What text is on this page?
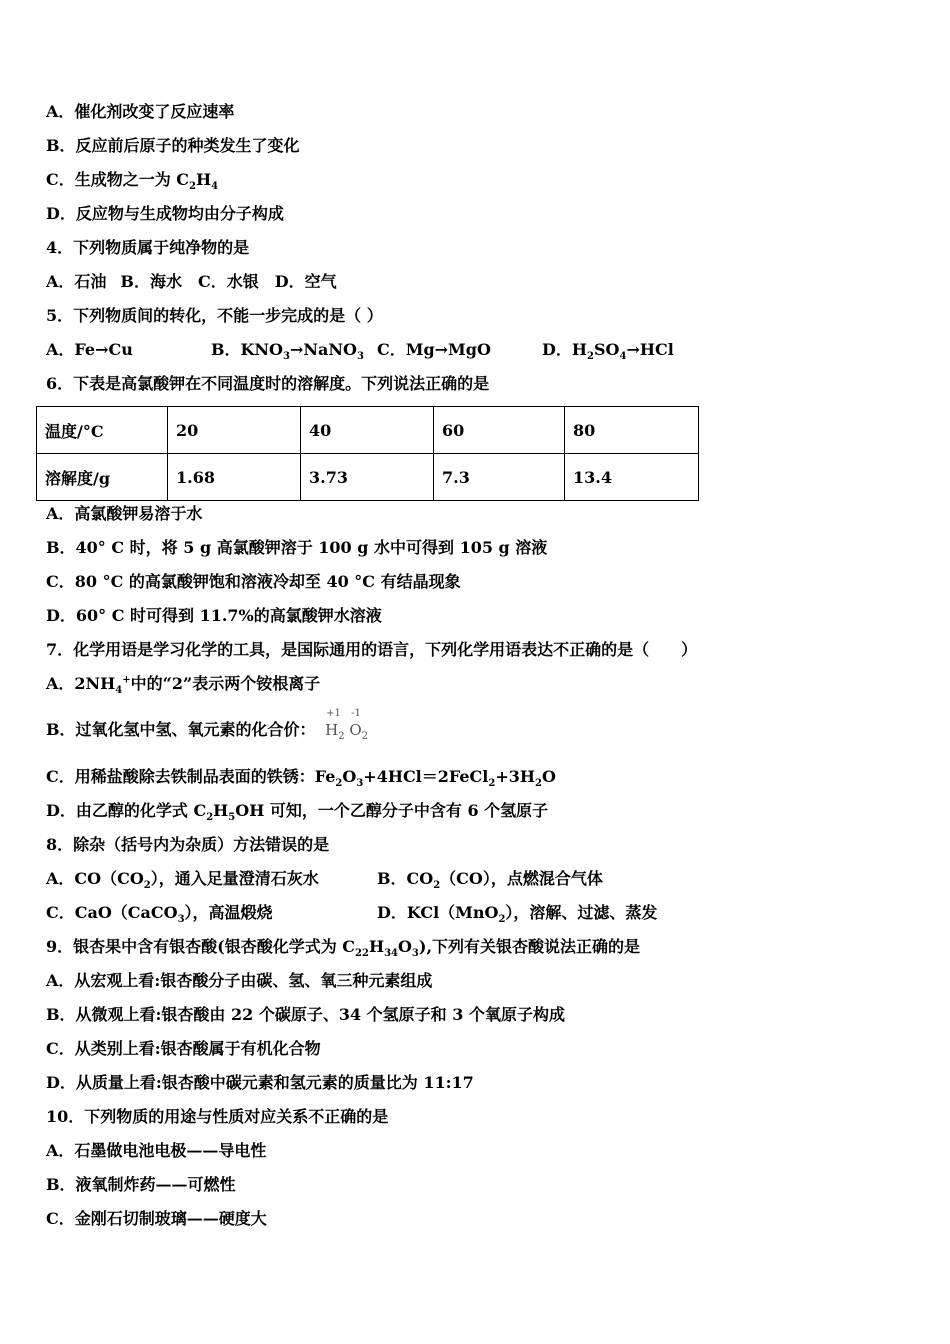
A．催化剂改变了反应速率
B．反应前后原子的种类发生了变化
C．生成物之一为 $C_2H_4$
D．反应物与生成物均由分子构成
4．下列物质属于纯净物的是
A．石油 B．海水 C．水银 D．空气
5．下列物质间的转化，不能一步完成的是（ ）
A．Fe→Cu	B．$KNO_3\to NaNO_3$ C．Mg→MgO	D．$H_2SO_4\to HCl$
6．下表是高氯酸钾在不同温度时的溶解度。下列说法正确的是
温度/°C	20	40	60	80
溶解度/g	1.68	3.73	7.3	13.4
A．高氯酸钾易溶于水
B．40° C 时，将 5 g 高氯酸钾溶于 100 g 水中可得到 105 g 溶液
C．80 °C 的高氯酸钾饱和溶液冷却至 40 °C 有结晶现象
D．60° C 时可得到 11.7%的高氯酸钾水溶液
7．化学用语是学习化学的工具，是国际通用的语言，下列化学用语表达不正确的是（　　）
A．$2NH_4^+$中的“2”表示两个铵根离子
B．过氧化氢中氢、氧元素的化合价：
+1
$H_2$
-1
$O_2$
C．用稀盐酸除去铁制品表面的铁锈：$Fe_2O_3+4HCl=2FeCl_2+3H_2O$
D．由乙醇的化学式 $C_2H_5OH$ 可知，一个乙醇分子中含有 6 个氢原子
8．除杂（括号内为杂质）方法错误的是
A．$CO(CO_2)$，通入足量澄清石灰水	B．$CO_2(CO)$，点燃混合气体
C．CaO（CaCO$_3$），高温煅烧	D．KCl（MnO$_2$），溶解、过滤、蒸发
9．银杏果中含有银杏酸(银杏酸化学式为 $C_{22}H_{34}O_3$),下列有关银杏酸说法正确的是
A．从宏观上看:银杏酸分子由碳、氢、氧三种元素组成
B．从微观上看:银杏酸由 22 个碳原子、34 个氢原子和 3 个氧原子构成
C．从类别上看:银杏酸属于有机化合物
D．从质量上看:银杏酸中碳元素和氢元素的质量比为 11:17
10．下列物质的用途与性质对应关系不正确的是
A．石墨做电池电极——导电性
B．液氧制炸药——可燃性
C．金刚石切制玻璃——硬度大
